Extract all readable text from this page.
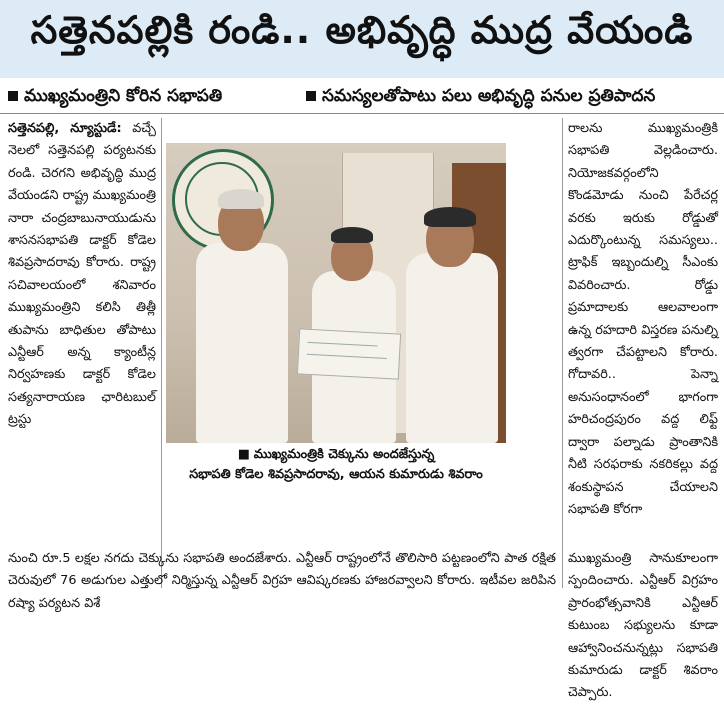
సత్తెనపల్లికి రండి.. అభివృద్ధి ముద్ర వేయండి
ముఖ్యమంత్రిని కోరిన సభాపతి	సమస్యలతోపాటు పలు అభివృద్ధి పనుల ప్రతిపాదన
సత్తెనపల్లి, న్యూస్టుడే: వచ్చే నెలలో సత్తెనపల్లి పర్యటనకు రండి. చెరగని అభివృద్ధి ముద్ర వేయండని రాష్ట్ర ముఖ్యమంత్రి నారా చంద్రబాబునాయుడును శాసనసభాపతి డాక్టర్ కోడెల శివప్రసాదరావు కోరారు. రాష్ట్ర సచివాలయంలో శనివారం ముఖ్యమంత్రిని కలిసి తిత్లీ తుపాను బాధితుల తోపాటు ఎన్టీఆర్ అన్న క్యాంటీన్ల నిర్వహణకు డాక్టర్ కోడెల సత్యనారాయణ ఛారిటబుల్ ట్రస్టు
■ ముఖ్యమంత్రికి చెక్కును అందజేస్తున్న
సభాపతి కోడెల శివప్రసాదరావు, ఆయన కుమారుడు శివరాం
రాలను ముఖ్యమంత్రికి సభాపతి వెల్లడించారు. నియోజకవర్గంలోని కొండమోడు నుంచి పేరేచర్ల వరకు ఇరుకు రోడ్డుతో ఎదుర్కొంటున్న సమస్యలు.. ట్రాఫిక్ ఇబ్బందుల్ని సీఎంకు వివరించారు. రోడ్డు ప్రమాదాలకు ఆలవాలంగా ఉన్న రహదారి విస్తరణ పనుల్ని త్వరగా చేపట్టాలని కోరారు. గోదావరి.. పెన్నా అనుసంధానంలో భాగంగా హరిచంద్రపురం వద్ద లిఫ్ట్ ద్వారా పల్నాడు ప్రాంతానికి నీటి సరఫరాకు నకరికల్లు వద్ద శంకుస్థాపన చేయాలని సభాపతి కోరగా
నుంచి రూ.5 లక్షల నగదు చెక్కును సభాపతి అందజేశారు. ఎన్టీఆర్ రాష్ట్రంలోనే తొలిసారి పట్టణంలోని పాత రక్షిత చెరువులో 76 అడుగుల ఎత్తులో నిర్మిస్తున్న ఎన్టీఆర్ విగ్రహ ఆవిష్కరణకు హాజరవ్వాలని కోరారు. ఇటీవల జరిపిన రష్యా పర్యటన విశే
ముఖ్యమంత్రి సానుకూలంగా స్పందించారు. ఎన్టీఆర్ విగ్రహం ప్రారంభోత్సవానికి ఎన్టీఆర్ కుటుంబ సభ్యులను కూడా ఆహ్వానించనున్నట్లు సభాపతి కుమారుడు డాక్టర్ శివరాం చెప్పారు.
